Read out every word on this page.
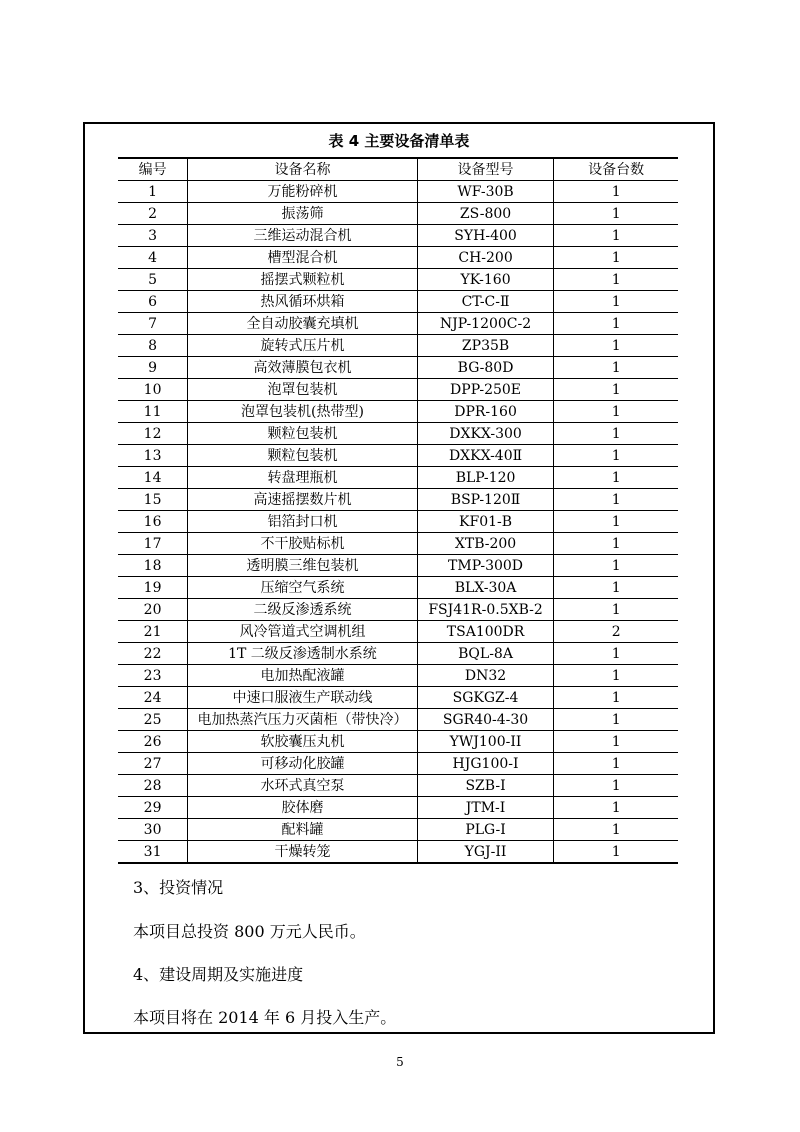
表 4 主要设备清单表
编号	设备名称	设备型号	设备台数
1	万能粉碎机	WF-30B	1
2	振荡筛	ZS-800	1
3	三维运动混合机	SYH-400	1
4	槽型混合机	CH-200	1
5	摇摆式颗粒机	YK-160	1
6	热风循环烘箱	CT-C-Ⅱ	1
7	全自动胶囊充填机	NJP-1200C-2	1
8	旋转式压片机	ZP35B	1
9	高效薄膜包衣机	BG-80D	1
10	泡罩包装机	DPP-250E	1
11	泡罩包装机(热带型)	DPR-160	1
12	颗粒包装机	DXKX-300	1
13	颗粒包装机	DXKX-40Ⅱ	1
14	转盘理瓶机	BLP-120	1
15	高速摇摆数片机	BSP-120Ⅱ	1
16	铝箔封口机	KF01-B	1
17	不干胶贴标机	XTB-200	1
18	透明膜三维包装机	TMP-300D	1
19	压缩空气系统	BLX-30A	1
20	二级反渗透系统	FSJ41R-0.5XB-2	1
21	风冷管道式空调机组	TSA100DR	2
22	1T 二级反渗透制水系统	BQL-8A	1
23	电加热配液罐	DN32	1
24	中速口服液生产联动线	SGKGZ-4	1
25	电加热蒸汽压力灭菌柜（带快冷）	SGR40-4-30	1
26	软胶囊压丸机	YWJ100-II	1
27	可移动化胶罐	HJG100-I	1
28	水环式真空泵	SZB-I	1
29	胶体磨	JTM-I	1
30	配料罐	PLG-I	1
31	干燥转笼	YGJ-II	1
3、投资情况
本项目总投资 800 万元人民币。
4、建设周期及实施进度
本项目将在 2014 年 6 月投入生产。
5
